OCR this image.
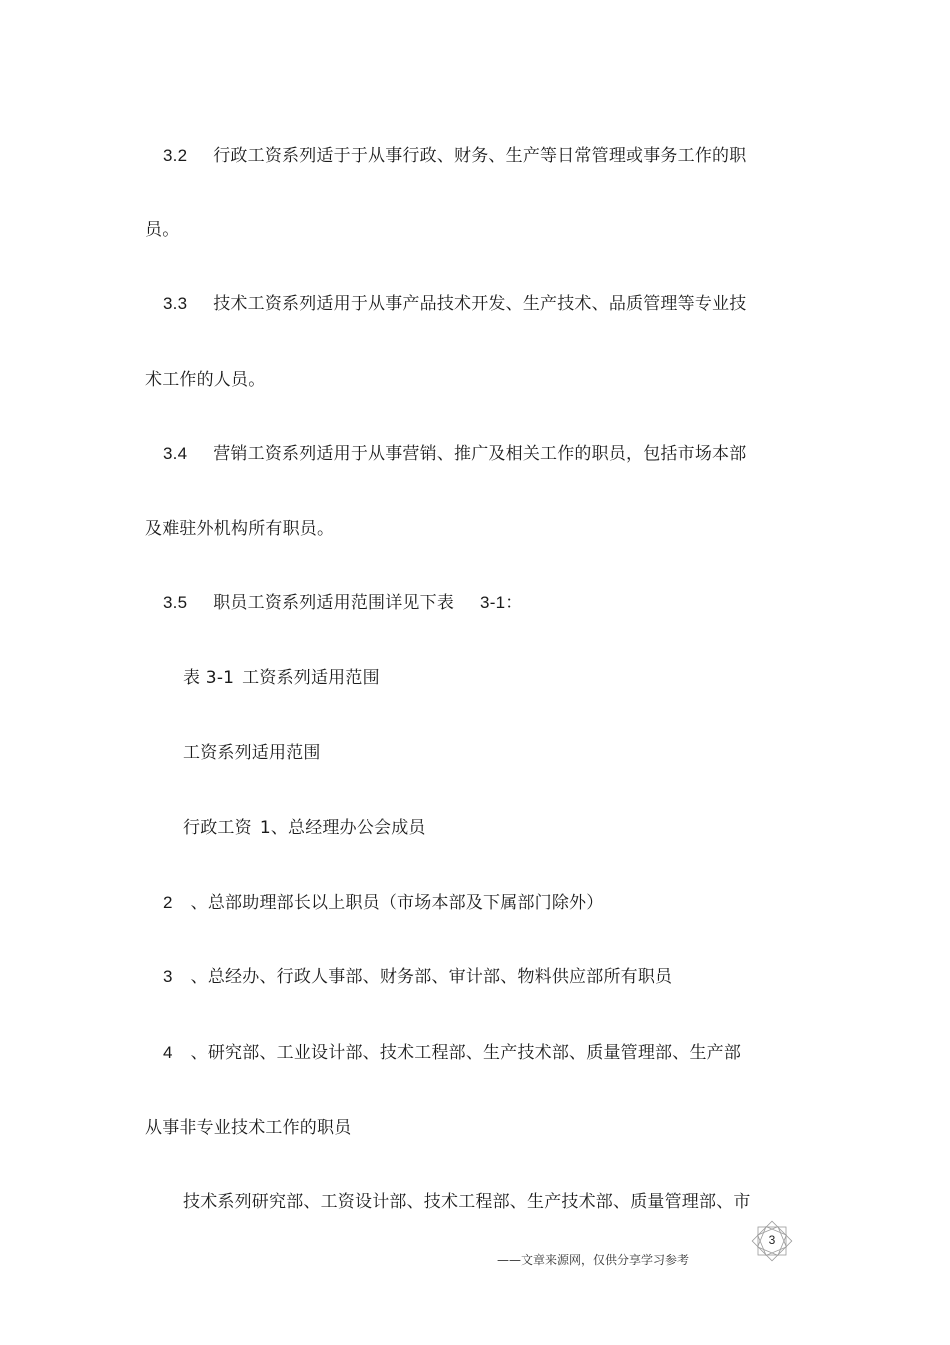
3.2 行政工资系列适于于从事行政、财务、生产等日常管理或事务工作的职
员。
3.3 技术工资系列适用于从事产品技术开发、生产技术、品质管理等专业技
术工作的人员。
3.4 营销工资系列适用于从事营销、推广及相关工作的职员，包括市场本部
及难驻外机构所有职员。
3.5 职员工资系列适用范围详见下表 3-1：
表 3-1 工资系列适用范围
工资系列适用范围
行政工资 1、总经理办公会成员
2 、总部助理部长以上职员（市场本部及下属部门除外）
3 、总经办、行政人事部、财务部、审计部、物料供应部所有职员
4 、研究部、工业设计部、技术工程部、生产技术部、质量管理部、生产部
从事非专业技术工作的职员
技术系列研究部、工资设计部、技术工程部、生产技术部、质量管理部、市
3
——文章来源网，仅供分享学习参考
